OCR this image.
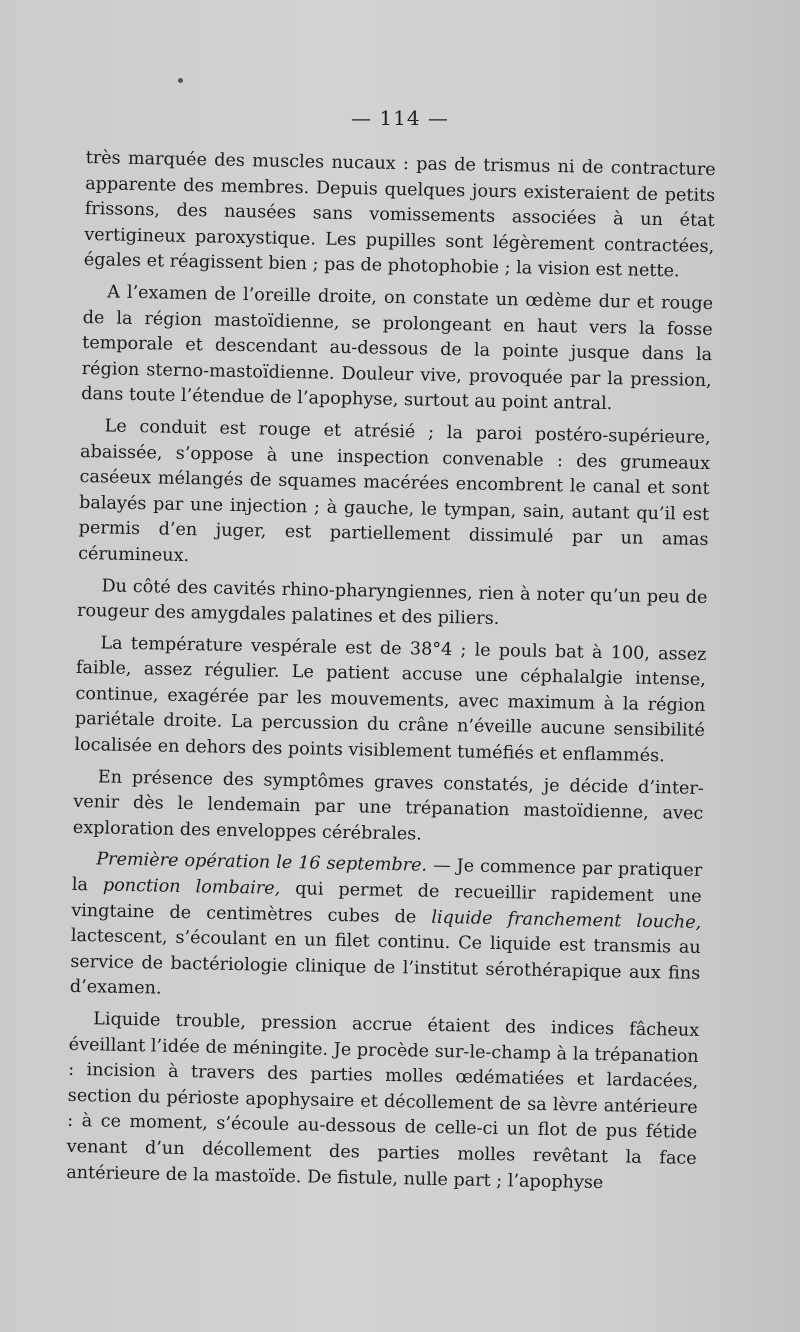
— 114 —

très marquée des muscles nucaux : pas de trismus ni de contracture apparente des membres. Depuis quelques jours existeraient de petits frissons, des nausées sans vomissements associées à un état vertigineux paroxystique. Les pupilles sont légèrement contractées, égales et réagissent bien ; pas de photophobie ; la vision est nette.

A l’examen de l’oreille droite, on constate un œdème dur et rouge de la région mastoïdienne, se prolongeant en haut vers la fosse temporale et descendant au-dessous de la pointe jusque dans la région sterno-mastoïdienne. Douleur vive, provoquée par la pression, dans toute l’étendue de l’apophyse, surtout au point antral.

Le conduit est rouge et atrésié ; la paroi postéro-supérieure, abaissée, s’oppose à une inspection convenable : des grumeaux caséeux mélangés de squames macérées encombrent le canal et sont balayés par une injection ; à gauche, le tympan, sain, autant qu’il est permis d’en juger, est partiellement dissimulé par un amas cérumineux.

Du côté des cavités rhino-pharyngiennes, rien à noter qu’un peu de rougeur des amygdales palatines et des piliers.

La température vespérale est de 38°4 ; le pouls bat à 100, assez faible, assez régulier. Le patient accuse une céphalalgie intense, continue, exagérée par les mouvements, avec maximum à la région pariétale droite. La percussion du crâne n’éveille aucune sensibilité localisée en dehors des points visiblement tuméfiés et enflammés.

En présence des symptômes graves constatés, je décide d’intervenir dès le lendemain par une trépanation mastoïdienne, avec exploration des enveloppes cérébrales.

Première opération le 16 septembre. — Je commence par pratiquer la ponction lombaire, qui permet de recueillir rapidement une vingtaine de centimètres cubes de liquide franchement louche, lactescent, s’écoulant en un filet continu. Ce liquide est transmis au service de bactériologie clinique de l’institut sérothérapique aux fins d’examen.

Liquide trouble, pression accrue étaient des indices fâcheux éveillant l’idée de méningite. Je procède sur-le-champ à la trépanation : incision à travers des parties molles œdématiées et lardacées, section du périoste apophysaire et décollement de sa lèvre antérieure : à ce moment, s’écoule au-dessous de celle-ci un flot de pus fétide venant d’un décollement des parties molles revêtant la face antérieure de la mastoïde. De fistule, nulle part ; l’apophyse
